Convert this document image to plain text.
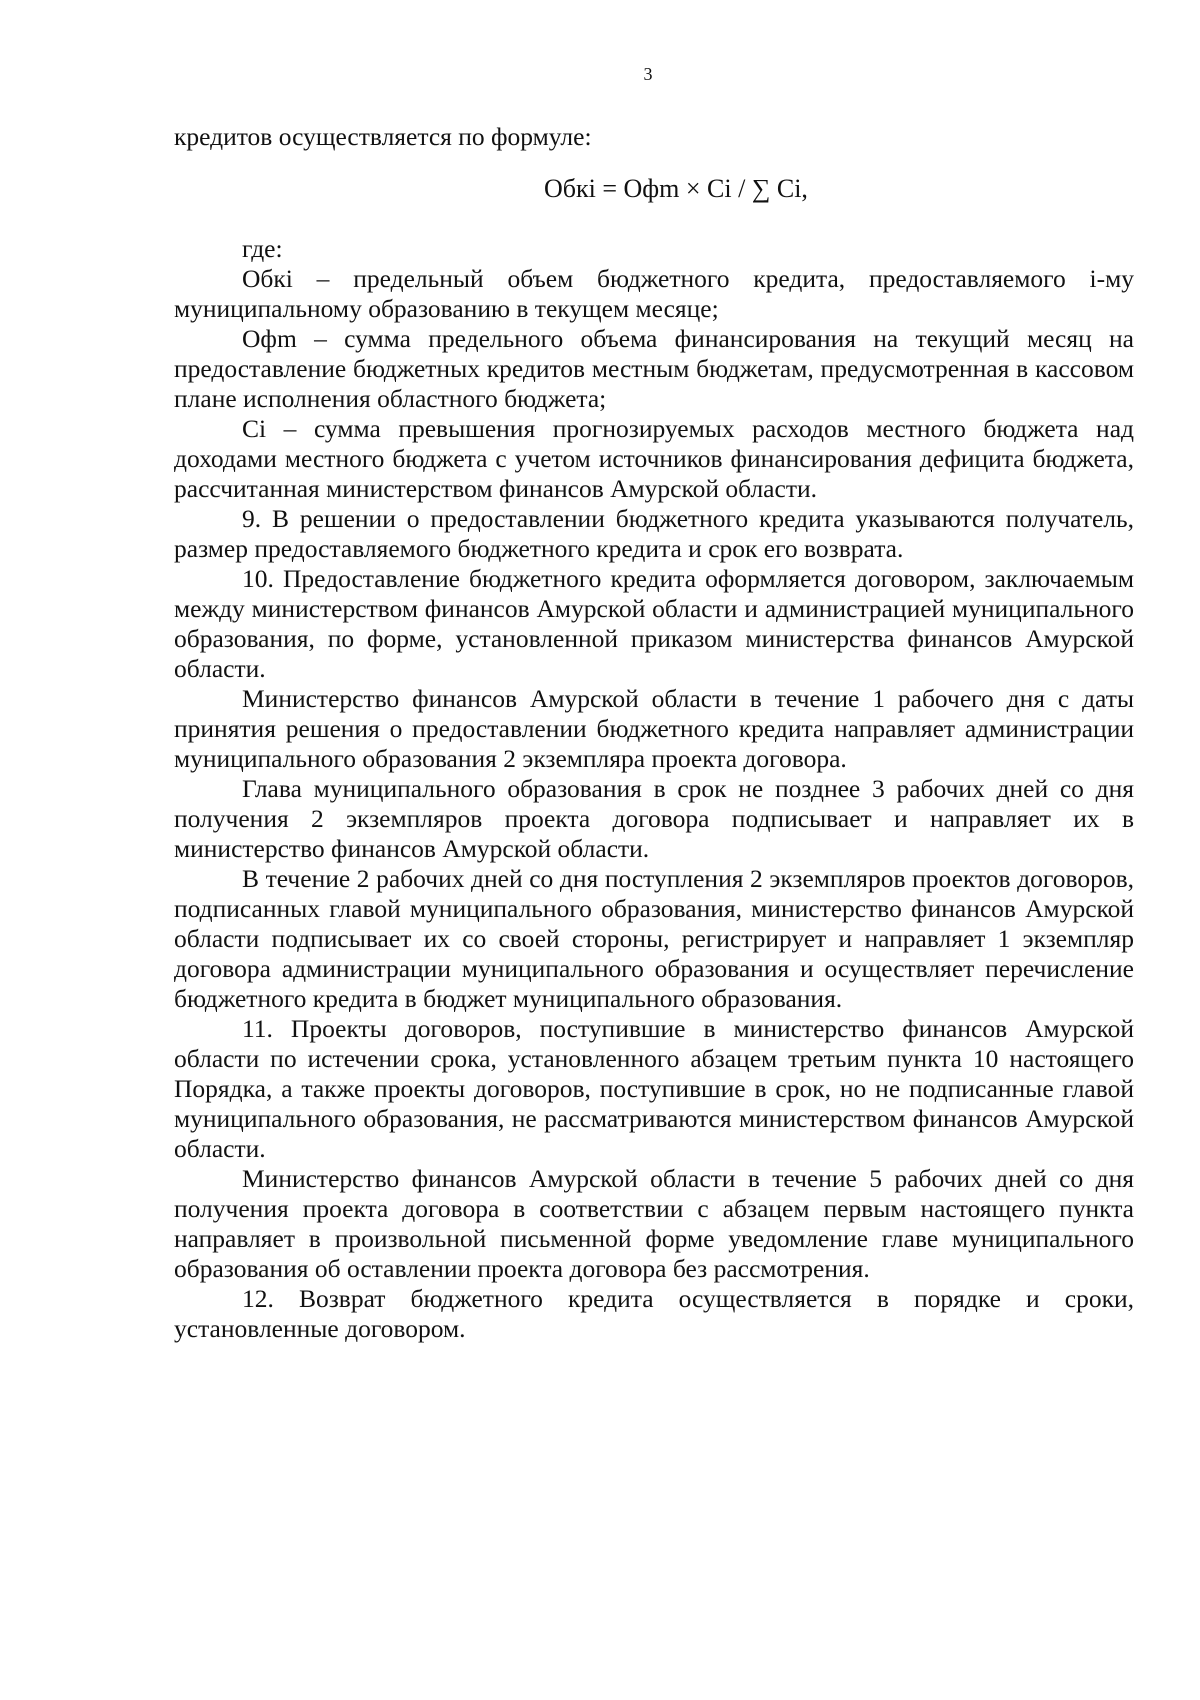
3

кредитов осуществляется по формуле:

Обкi = Офm × Сi / ∑ Сi,

где:

Обкi – предельный объем бюджетного кредита, предоставляемого i-му муниципальному образованию в текущем месяце;

Офm – сумма предельного объема финансирования на текущий месяц на предоставление бюджетных кредитов местным бюджетам, предусмотренная в кассовом плане исполнения областного бюджета;

Сi – сумма превышения прогнозируемых расходов местного бюджета над доходами местного бюджета с учетом источников финансирования дефицита бюджета, рассчитанная министерством финансов Амурской области.

9. В решении о предоставлении бюджетного кредита указываются получатель, размер предоставляемого бюджетного кредита и срок его возврата.

10. Предоставление бюджетного кредита оформляется договором, заключаемым между министерством финансов Амурской области и администрацией муниципального образования, по форме, установленной приказом министерства финансов Амурской области.

Министерство финансов Амурской области в течение 1 рабочего дня с даты принятия решения о предоставлении бюджетного кредита направляет администрации муниципального образования 2 экземпляра проекта договора.

Глава муниципального образования в срок не позднее 3 рабочих дней со дня получения 2 экземпляров проекта договора подписывает и направляет их в министерство финансов Амурской области.

В течение 2 рабочих дней со дня поступления 2 экземпляров проектов договоров, подписанных главой муниципального образования, министерство финансов Амурской области подписывает их со своей стороны, регистрирует и направляет 1 экземпляр договора администрации муниципального образования и осуществляет перечисление бюджетного кредита в бюджет муниципального образования.

11. Проекты договоров, поступившие в министерство финансов Амурской области по истечении срока, установленного абзацем третьим пункта 10 настоящего Порядка, а также проекты договоров, поступившие в срок, но не подписанные главой муниципального образования, не рассматриваются министерством финансов Амурской области.

Министерство финансов Амурской области в течение 5 рабочих дней со дня получения проекта договора в соответствии с абзацем первым настоящего пункта направляет в произвольной письменной форме уведомление главе муниципального образования об оставлении проекта договора без рассмотрения.

12. Возврат бюджетного кредита осуществляется в порядке и сроки, установленные договором.
